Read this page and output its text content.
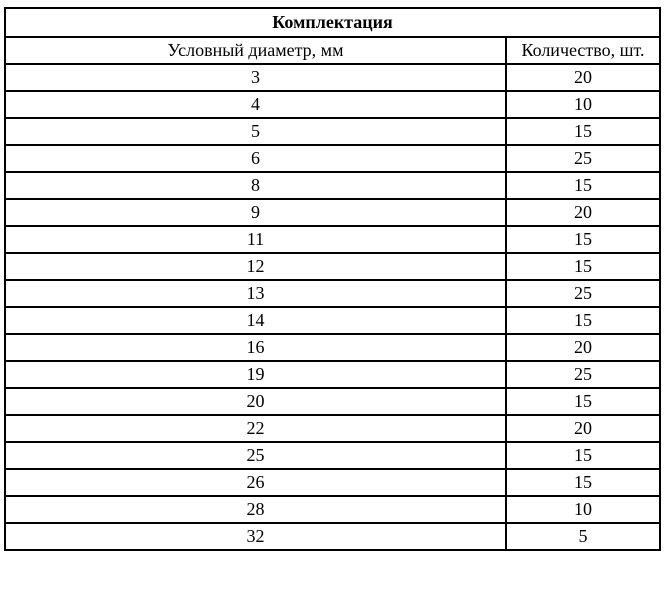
Комплектация	
Условный диаметр, мм	Количество, шт.
3	20
4	10
5	15
6	25
8	15
9	20
11	15
12	15
13	25
14	15
16	20
19	25
20	15
22	20
25	15
26	15
28	10
32	5
